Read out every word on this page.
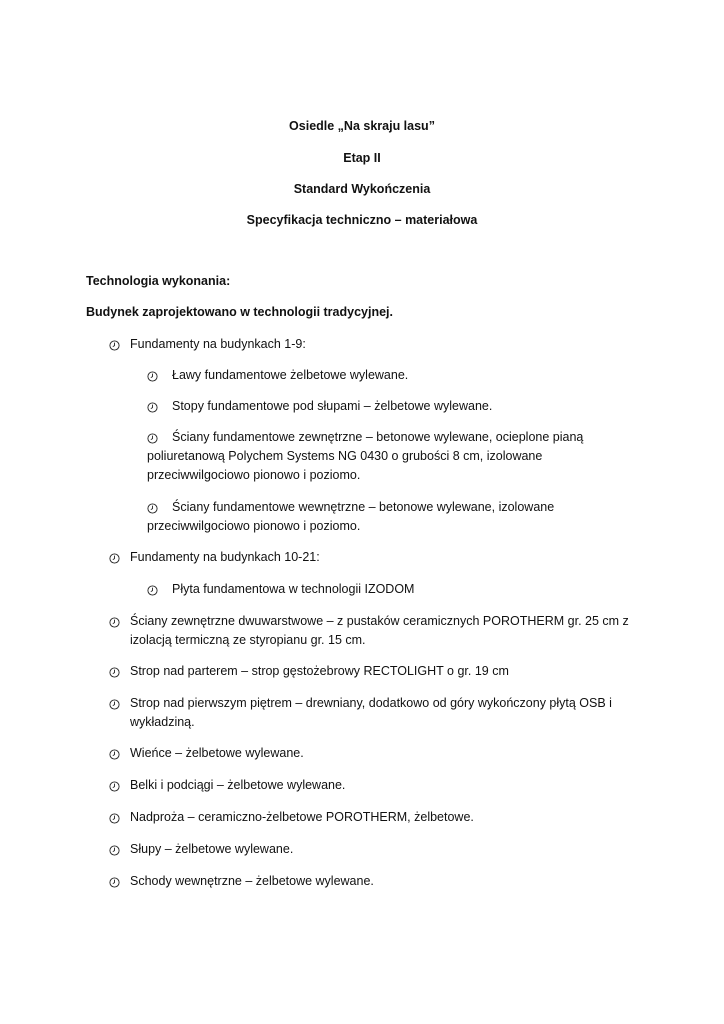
Osiedle „Na skraju lasu”

Etap II

Standard Wykończenia

Specyfikacja techniczno – materiałowa

Technologia wykonania:

Budynek zaprojektowano w technologii tradycyjnej.

Fundamenty na budynkach 1-9:
Ławy fundamentowe żelbetowe wylewane.
Stopy fundamentowe pod słupami – żelbetowe wylewane.
Ściany fundamentowe zewnętrzne – betonowe wylewane, ocieplone pianą poliuretanową Polychem Systems NG 0430 o grubości 8 cm, izolowane przeciwwilgociowo pionowo i poziomo.
Ściany fundamentowe wewnętrzne – betonowe wylewane, izolowane przeciwwilgociowo pionowo i poziomo.
Fundamenty na budynkach 10-21:
Płyta fundamentowa w technologii IZODOM
Ściany zewnętrzne dwuwarstwowe – z pustaków ceramicznych POROTHERM gr. 25 cm z izolacją termiczną ze styropianu gr. 15 cm.
Strop nad parterem – strop gęstożebrowy RECTOLIGHT o gr. 19 cm
Strop nad pierwszym piętrem – drewniany, dodatkowo od góry wykończony płytą OSB i wykładziną.
Wieńce – żelbetowe wylewane.
Belki i podciągi – żelbetowe wylewane.
Nadproża – ceramiczno-żelbetowe POROTHERM, żelbetowe.
Słupy – żelbetowe wylewane.
Schody wewnętrzne – żelbetowe wylewane.
